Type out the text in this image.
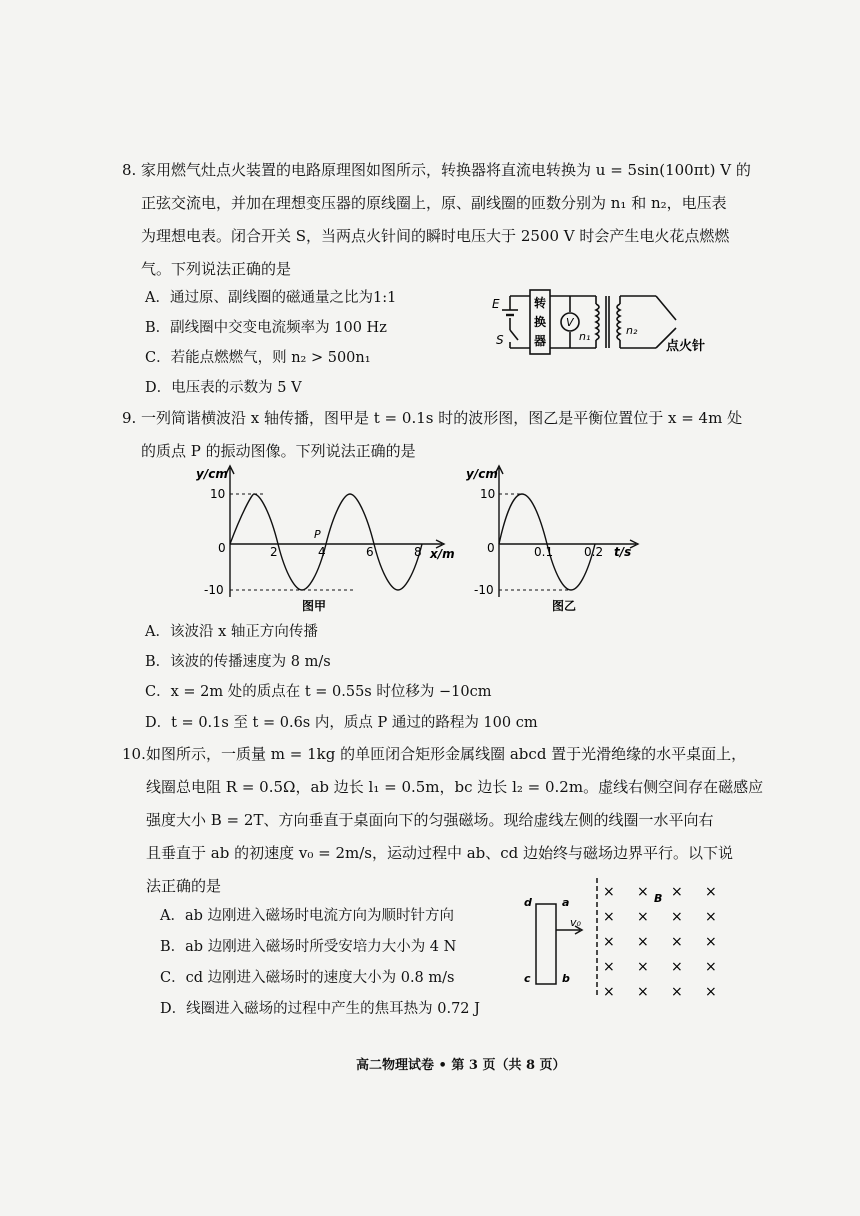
8. 家用燃气灶点火装置的电路原理图如图所示，转换器将直流电转换为 u = 5sin(100πt) V 的
正弦交流电，并加在理想变压器的原线圈上，原、副线圈的匝数分别为 n₁ 和 n₂，电压表
为理想电表。闭合开关 S，当两点火针间的瞬时电压大于 2500 V 时会产生电火花点燃燃
气。下列说法正确的是
A．通过原、副线圈的磁通量之比为1:1
B．副线圈中交变电流频率为 100 Hz
C．若能点燃燃气，则 n₂ > 500n₁
D．电压表的示数为 5 V
E
S
转
换
器
V
n₁	n₂
点火针
9. 一列简谐横波沿 x 轴传播，图甲是 t = 0.1s 时的波形图，图乙是平衡位置位于 x = 4m 处
的质点 P 的振动图像。下列说法正确的是
y/cm
x/m
10
0
-10
2	4	6	8
P
图甲
y/cm
t/s
10
0
-10
0.1	0.2
图乙
A．该波沿 x 轴正方向传播
B．该波的传播速度为 8 m/s
C．x = 2m 处的质点在 t = 0.55s 时位移为 −10cm
D．t = 0.1s 至 t = 0.6s 内，质点 P 通过的路程为 100 cm
10. 如图所示，一质量 m = 1kg 的单匝闭合矩形金属线圈 abcd 置于光滑绝缘的水平桌面上，
线圈总电阻 R = 0.5Ω，ab 边长 l₁ = 0.5m，bc 边长 l₂ = 0.2m。虚线右侧空间存在磁感应
强度大小 B = 2T、方向垂直于桌面向下的匀强磁场。现给虚线左侧的线圈一水平向右
且垂直于 ab 的初速度 v₀ = 2m/s，运动过程中 ab、cd 边始终与磁场边界平行。以下说
法正确的是
A．ab 边刚进入磁场时电流方向为顺时针方向
B．ab 边刚进入磁场时所受安培力大小为 4 N
C．cd 边刚进入磁场时的速度大小为 0.8 m/s
D．线圈进入磁场的过程中产生的焦耳热为 0.72 J
d	a
c	b
v₀
B
× × × ×
× × × ×
× × × ×
× × × ×
× × × ×
高二物理试卷 • 第 3 页（共 8 页）
